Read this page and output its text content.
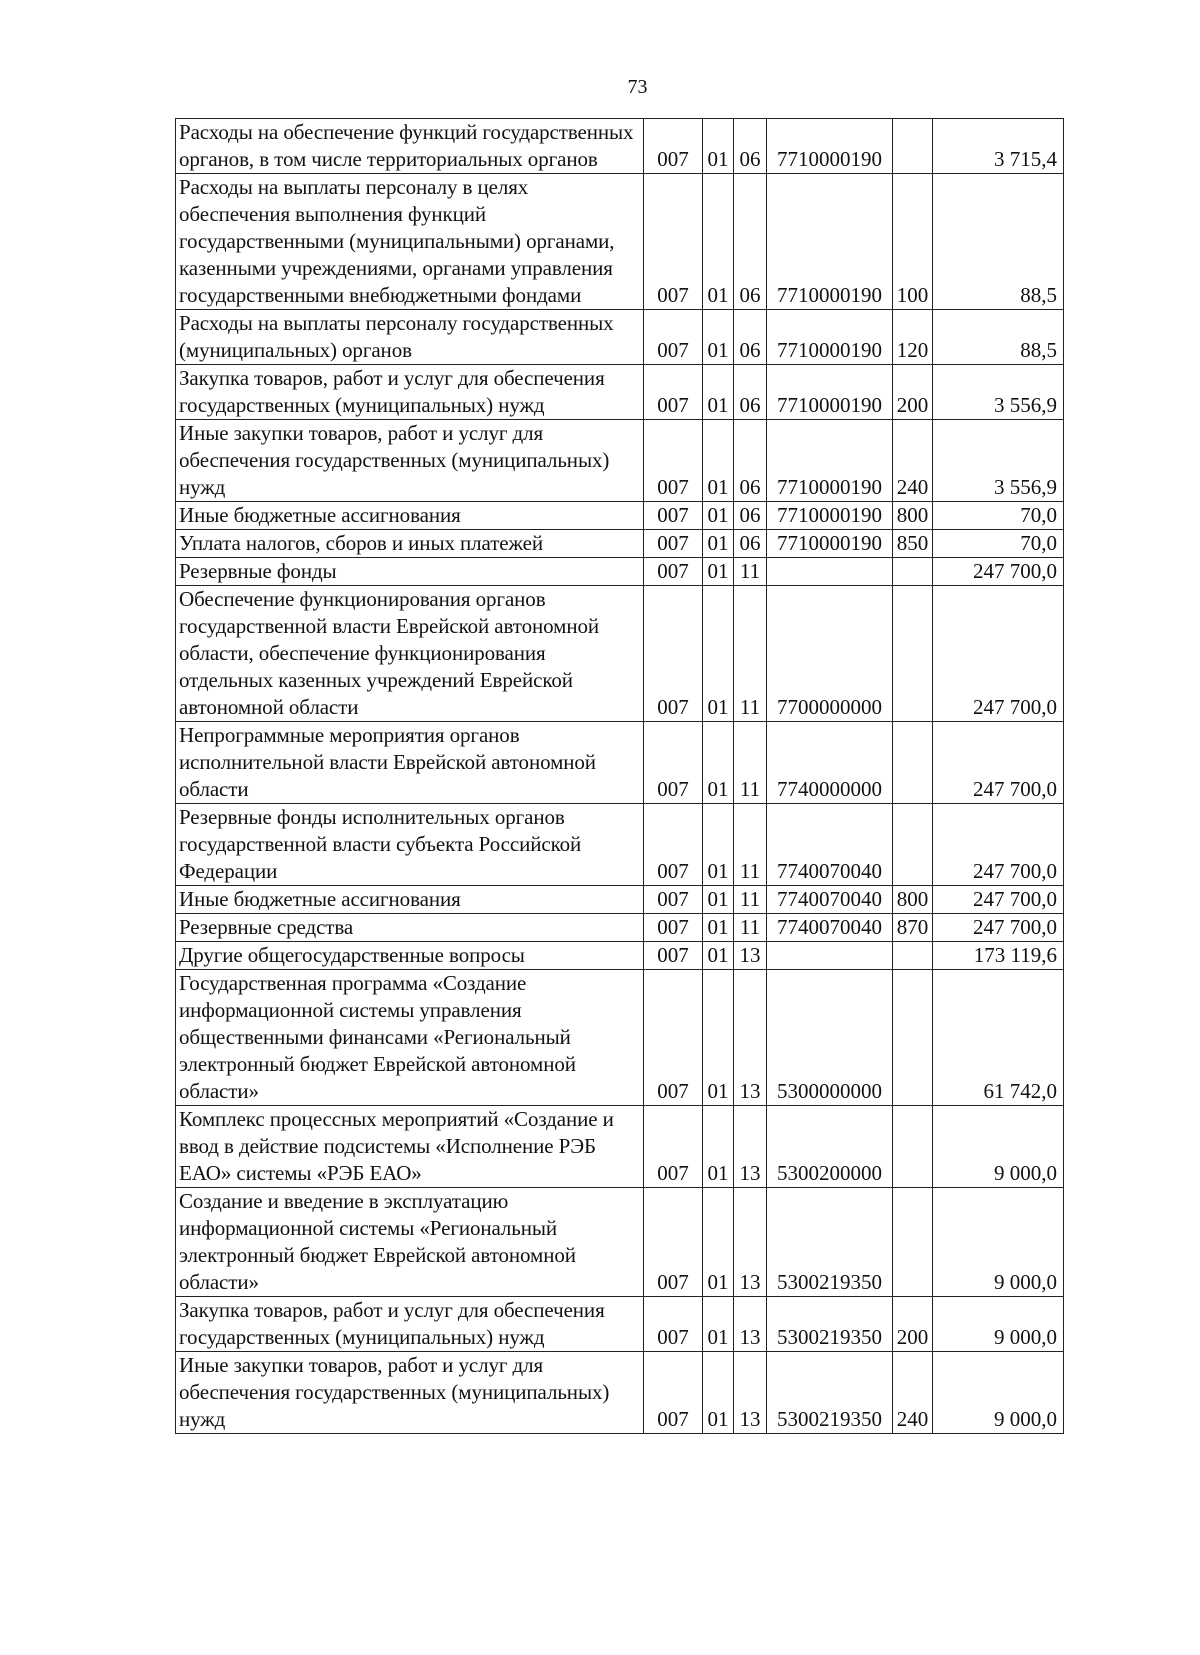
73
Расходы на обеспечение функций государственных органов, в том числе территориальных органов	007	01	06	7710000190		3 715,4
Расходы на выплаты персоналу в целях обеспечения выполнения функций государственными (муниципальными) органами, казенными учреждениями, органами управления государственными внебюджетными фондами	007	01	06	7710000190	100	88,5
Расходы на выплаты персоналу государственных (муниципальных) органов	007	01	06	7710000190	120	88,5
Закупка товаров, работ и услуг для обеспечения государственных (муниципальных) нужд	007	01	06	7710000190	200	3 556,9
Иные закупки товаров, работ и услуг для обеспечения государственных (муниципальных) нужд	007	01	06	7710000190	240	3 556,9
Иные бюджетные ассигнования	007	01	06	7710000190	800	70,0
Уплата налогов, сборов и иных платежей	007	01	06	7710000190	850	70,0
Резервные фонды	007	01	11			247 700,0
Обеспечение функционирования органов государственной власти Еврейской автономной области, обеспечение функционирования отдельных казенных учреждений Еврейской автономной области	007	01	11	7700000000		247 700,0
Непрограммные мероприятия органов исполнительной власти Еврейской автономной области	007	01	11	7740000000		247 700,0
Резервные фонды исполнительных органов государственной власти субъекта Российской Федерации	007	01	11	7740070040		247 700,0
Иные бюджетные ассигнования	007	01	11	7740070040	800	247 700,0
Резервные средства	007	01	11	7740070040	870	247 700,0
Другие общегосударственные вопросы	007	01	13			173 119,6
Государственная программа «Создание информационной системы управления общественными финансами «Региональный электронный бюджет Еврейской автономной области»	007	01	13	5300000000		61 742,0
Комплекс процессных мероприятий «Создание и ввод в действие подсистемы «Исполнение РЭБ ЕАО» системы «РЭБ ЕАО»	007	01	13	5300200000		9 000,0
Создание и введение в эксплуатацию информационной системы «Региональный электронный бюджет Еврейской автономной области»	007	01	13	5300219350		9 000,0
Закупка товаров, работ и услуг для обеспечения государственных (муниципальных) нужд	007	01	13	5300219350	200	9 000,0
Иные закупки товаров, работ и услуг для обеспечения государственных (муниципальных) нужд	007	01	13	5300219350	240	9 000,0
